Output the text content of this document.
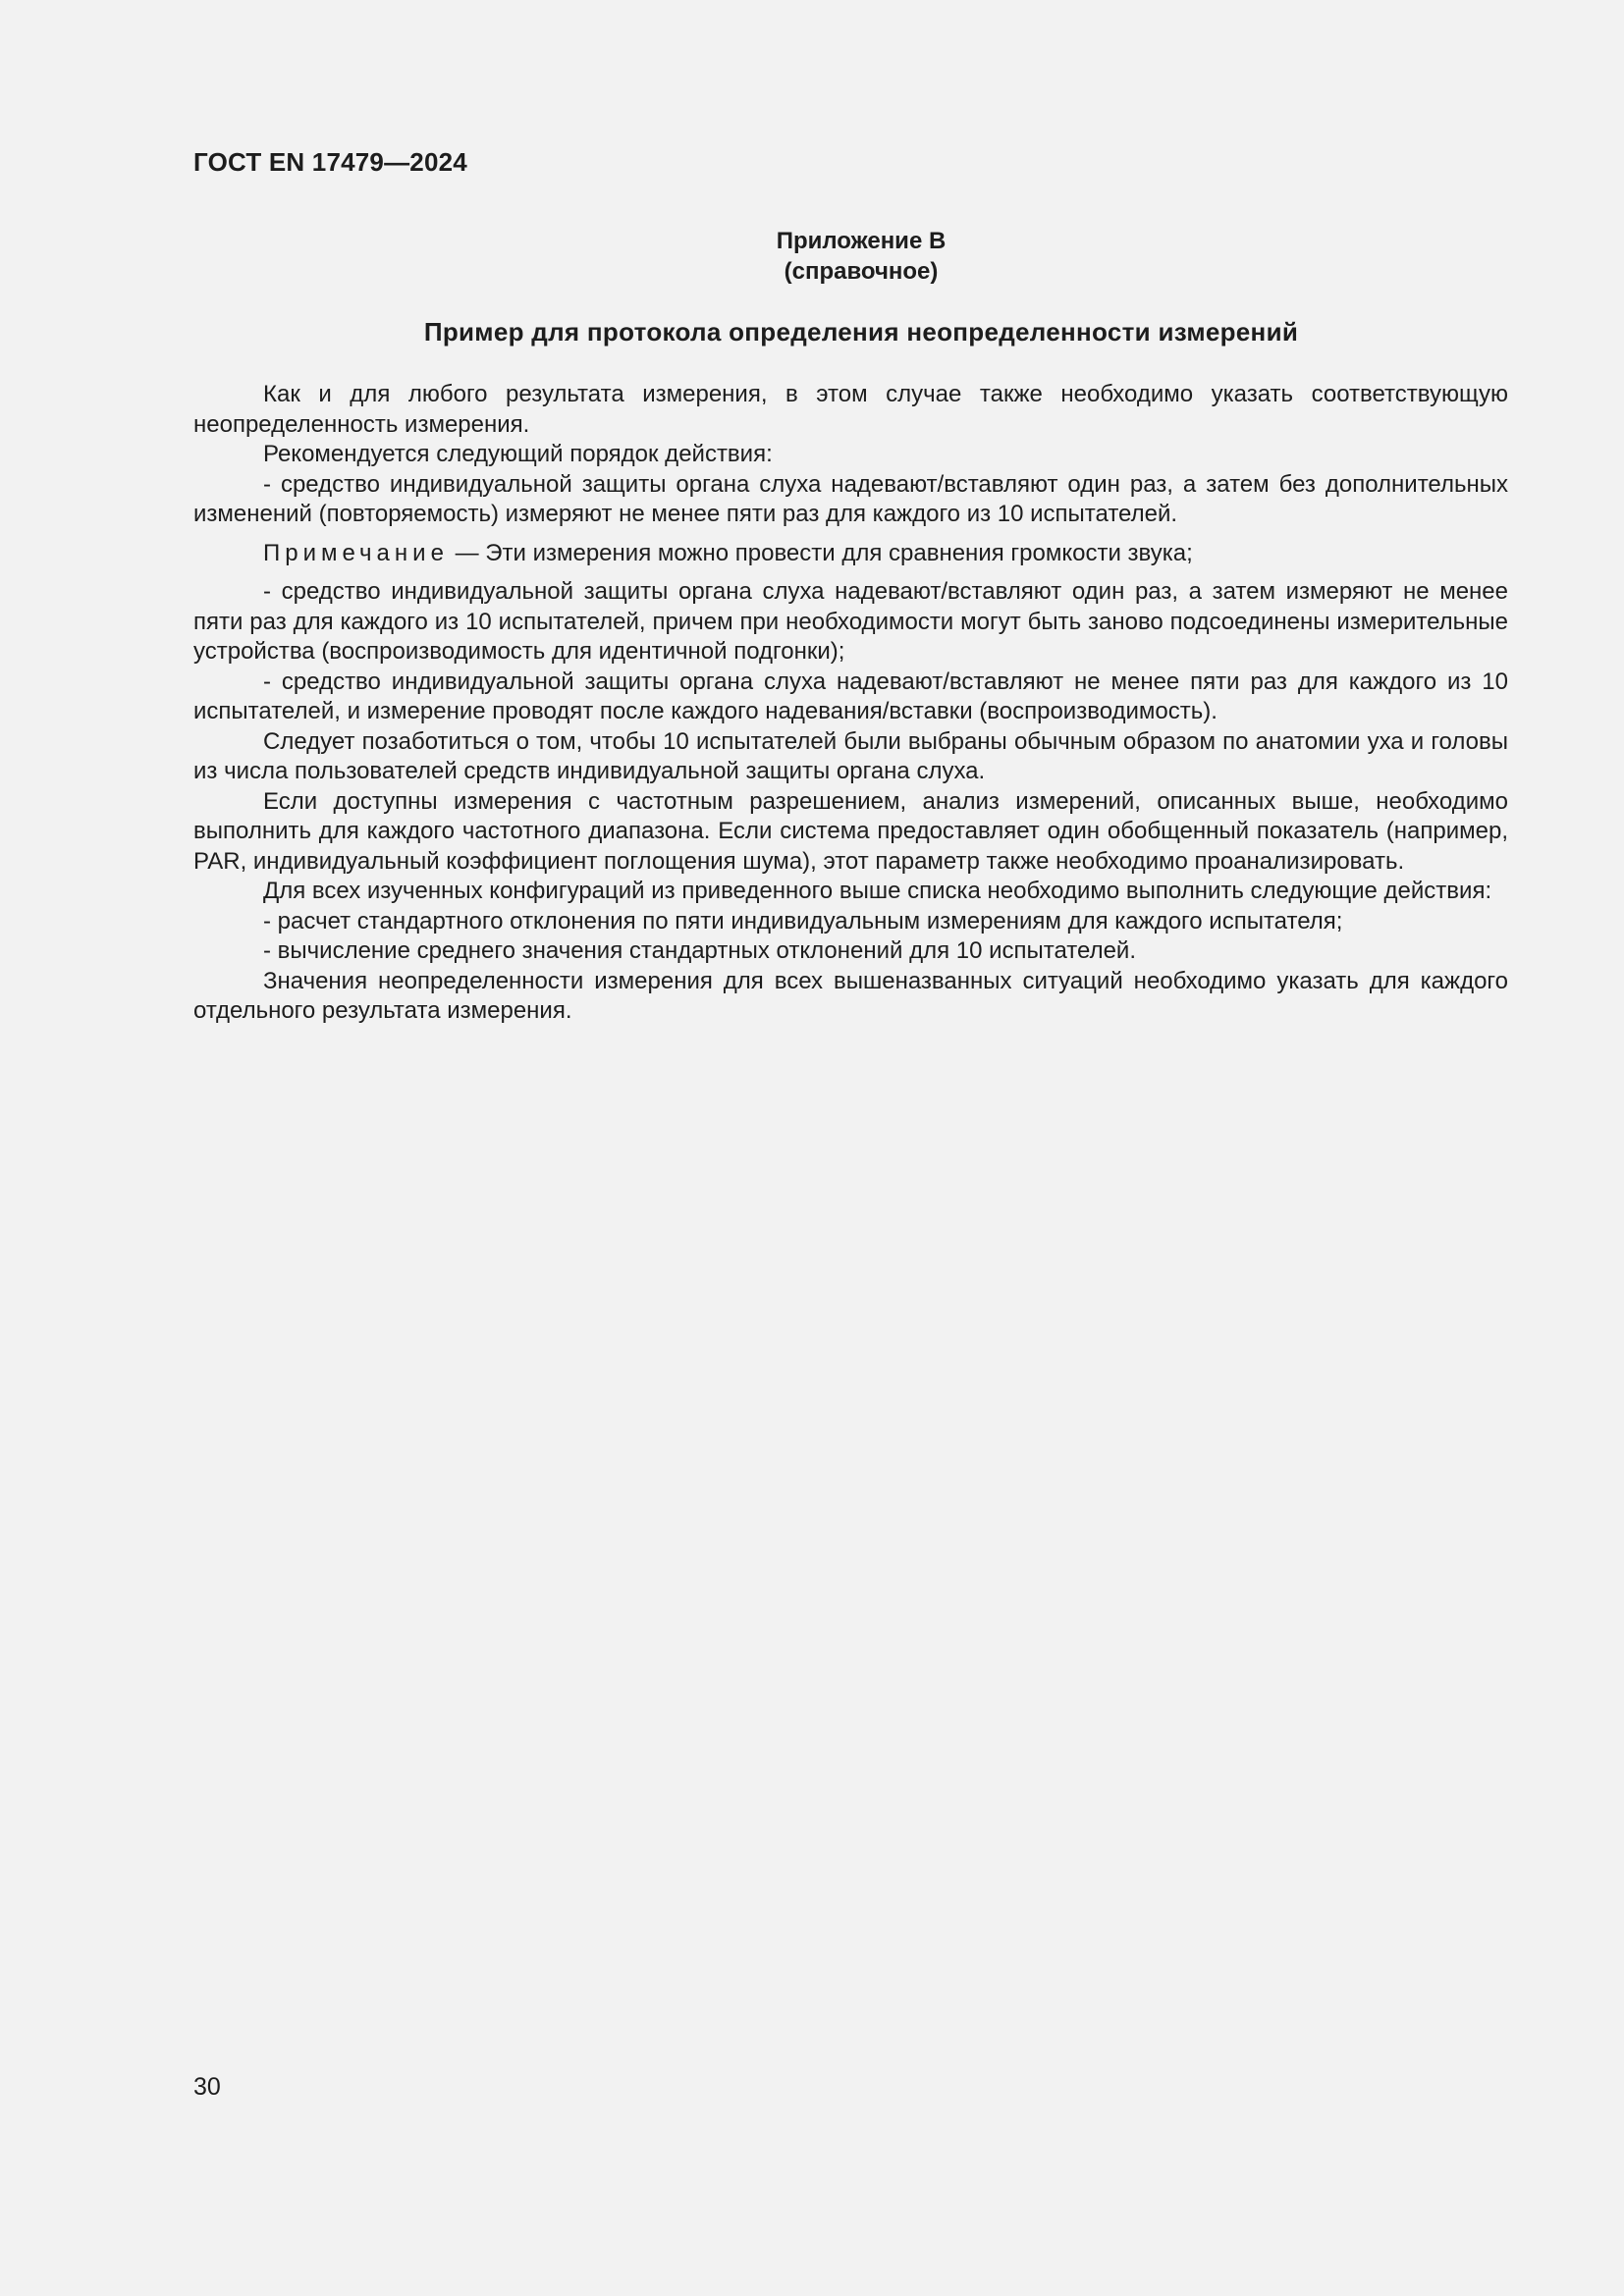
ГОСТ EN 17479—2024
Приложение В
(справочное)
Пример для протокола определения неопределенности измерений

Как и для любого результата измерения, в этом случае также необходимо указать соответствующую неопределенность измерения.

Рекомендуется следующий порядок действия:

- средство индивидуальной защиты органа слуха надевают/вставляют один раз, а затем без дополнительных изменений (повторяемость) измеряют не менее пяти раз для каждого из 10 испытателей.

Примечание — Эти измерения можно провести для сравнения громкости звука;

- средство индивидуальной защиты органа слуха надевают/вставляют один раз, а затем измеряют не менее пяти раз для каждого из 10 испытателей, причем при необходимости могут быть заново подсоединены измерительные устройства (воспроизводимость для идентичной подгонки);

- средство индивидуальной защиты органа слуха надевают/вставляют не менее пяти раз для каждого из 10 испытателей, и измерение проводят после каждого надевания/вставки (воспроизводимость).

Следует позаботиться о том, чтобы 10 испытателей были выбраны обычным образом по анатомии уха и головы из числа пользователей средств индивидуальной защиты органа слуха.

Если доступны измерения с частотным разрешением, анализ измерений, описанных выше, необходимо выполнить для каждого частотного диапазона. Если система предоставляет один обобщенный показатель (например, PAR, индивидуальный коэффициент поглощения шума), этот параметр также необходимо проанализировать.

Для всех изученных конфигураций из приведенного выше списка необходимо выполнить следующие действия:

- расчет стандартного отклонения по пяти индивидуальным измерениям для каждого испытателя;

- вычисление среднего значения стандартных отклонений для 10 испытателей.

Значения неопределенности измерения для всех вышеназванных ситуаций необходимо указать для каждого отдельного результата измерения.

30
